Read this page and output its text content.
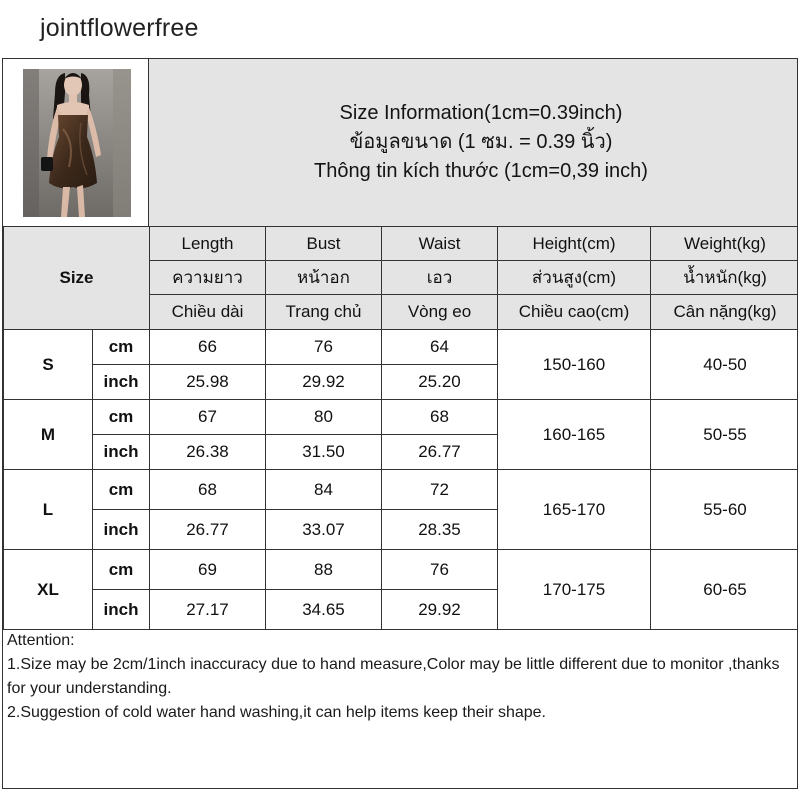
jointflowerfree
Size Information(1cm=0.39inch)
ข้อมูลขนาด (1 ซม. = 0.39 นิ้ว)
Thông tin kích thước (1cm=0,39 inch)
Size		Length	Bust	Waist	Height(cm)	Weight(kg)
		ความยาว	หน้าอก	เอว	ส่วนสูง(cm)	น้ำหนัก(kg)
		Chiều dài	Trang chủ	Vòng eo	Chiều cao(cm)	Cân nặng(kg)
S	cm	66	76	64	150-160	40-50
	inch	25.98	29.92	25.20		
M	cm	67	80	68	160-165	50-55
	inch	26.38	31.50	26.77		
L	cm	68	84	72	165-170	55-60
	inch	26.77	33.07	28.35		
XL	cm	69	88	76	170-175	60-65
	inch	27.17	34.65	29.92		

Attention:

1.Size may be 2cm/1inch inaccuracy due to hand measure,Color may be little different due to monitor ,thanks for your understanding.

2.Suggestion of cold water hand washing,it can help items keep their shape.
